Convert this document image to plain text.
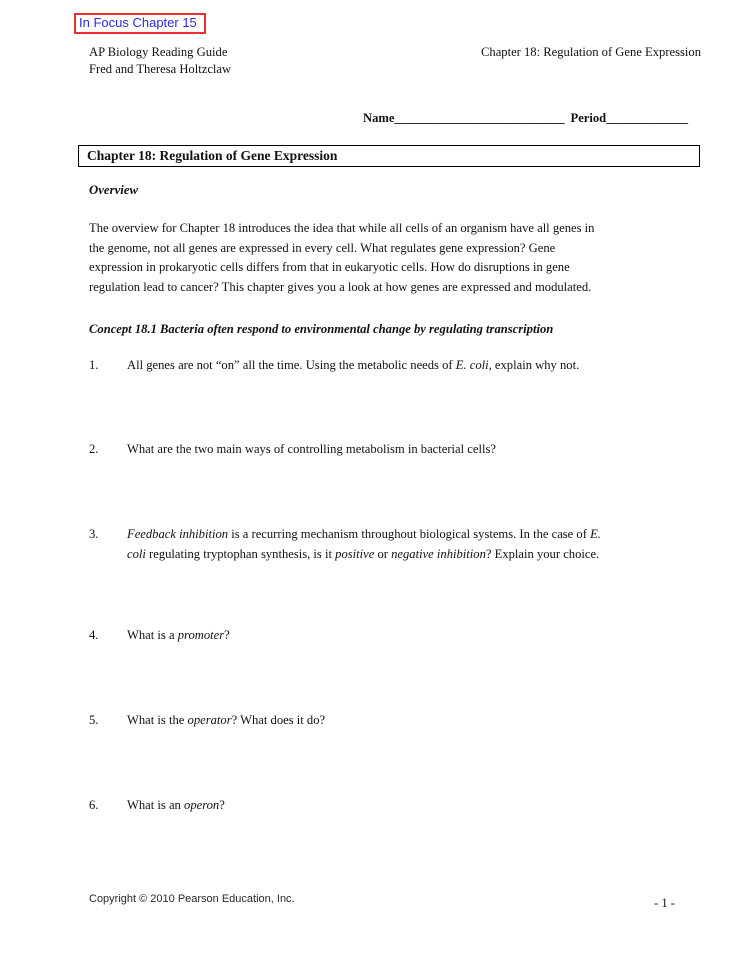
In Focus Chapter 15
AP Biology Reading Guide
Fred and Theresa Holtzclaw
Chapter 18: Regulation of Gene Expression
Name___________________________ Period_____________
Chapter 18: Regulation of Gene Expression
Overview
The overview for Chapter 18 introduces the idea that while all cells of an organism have all genes in
the genome, not all genes are expressed in every cell. What regulates gene expression? Gene
expression in prokaryotic cells differs from that in eukaryotic cells. How do disruptions in gene
regulation lead to cancer? This chapter gives you a look at how genes are expressed and modulated.
Concept 18.1 Bacteria often respond to environmental change by regulating transcription
1.	All genes are not “on” all the time. Using the metabolic needs of E. coli, explain why not.
2.	What are the two main ways of controlling metabolism in bacterial cells?
3.	Feedback inhibition is a recurring mechanism throughout biological systems. In the case of E.
coli regulating tryptophan synthesis, is it positive or negative inhibition? Explain your choice.
4.	What is a promoter?
5.	What is the operator? What does it do?
6.	What is an operon?
Copyright © 2010 Pearson Education, Inc.	- 1 -
